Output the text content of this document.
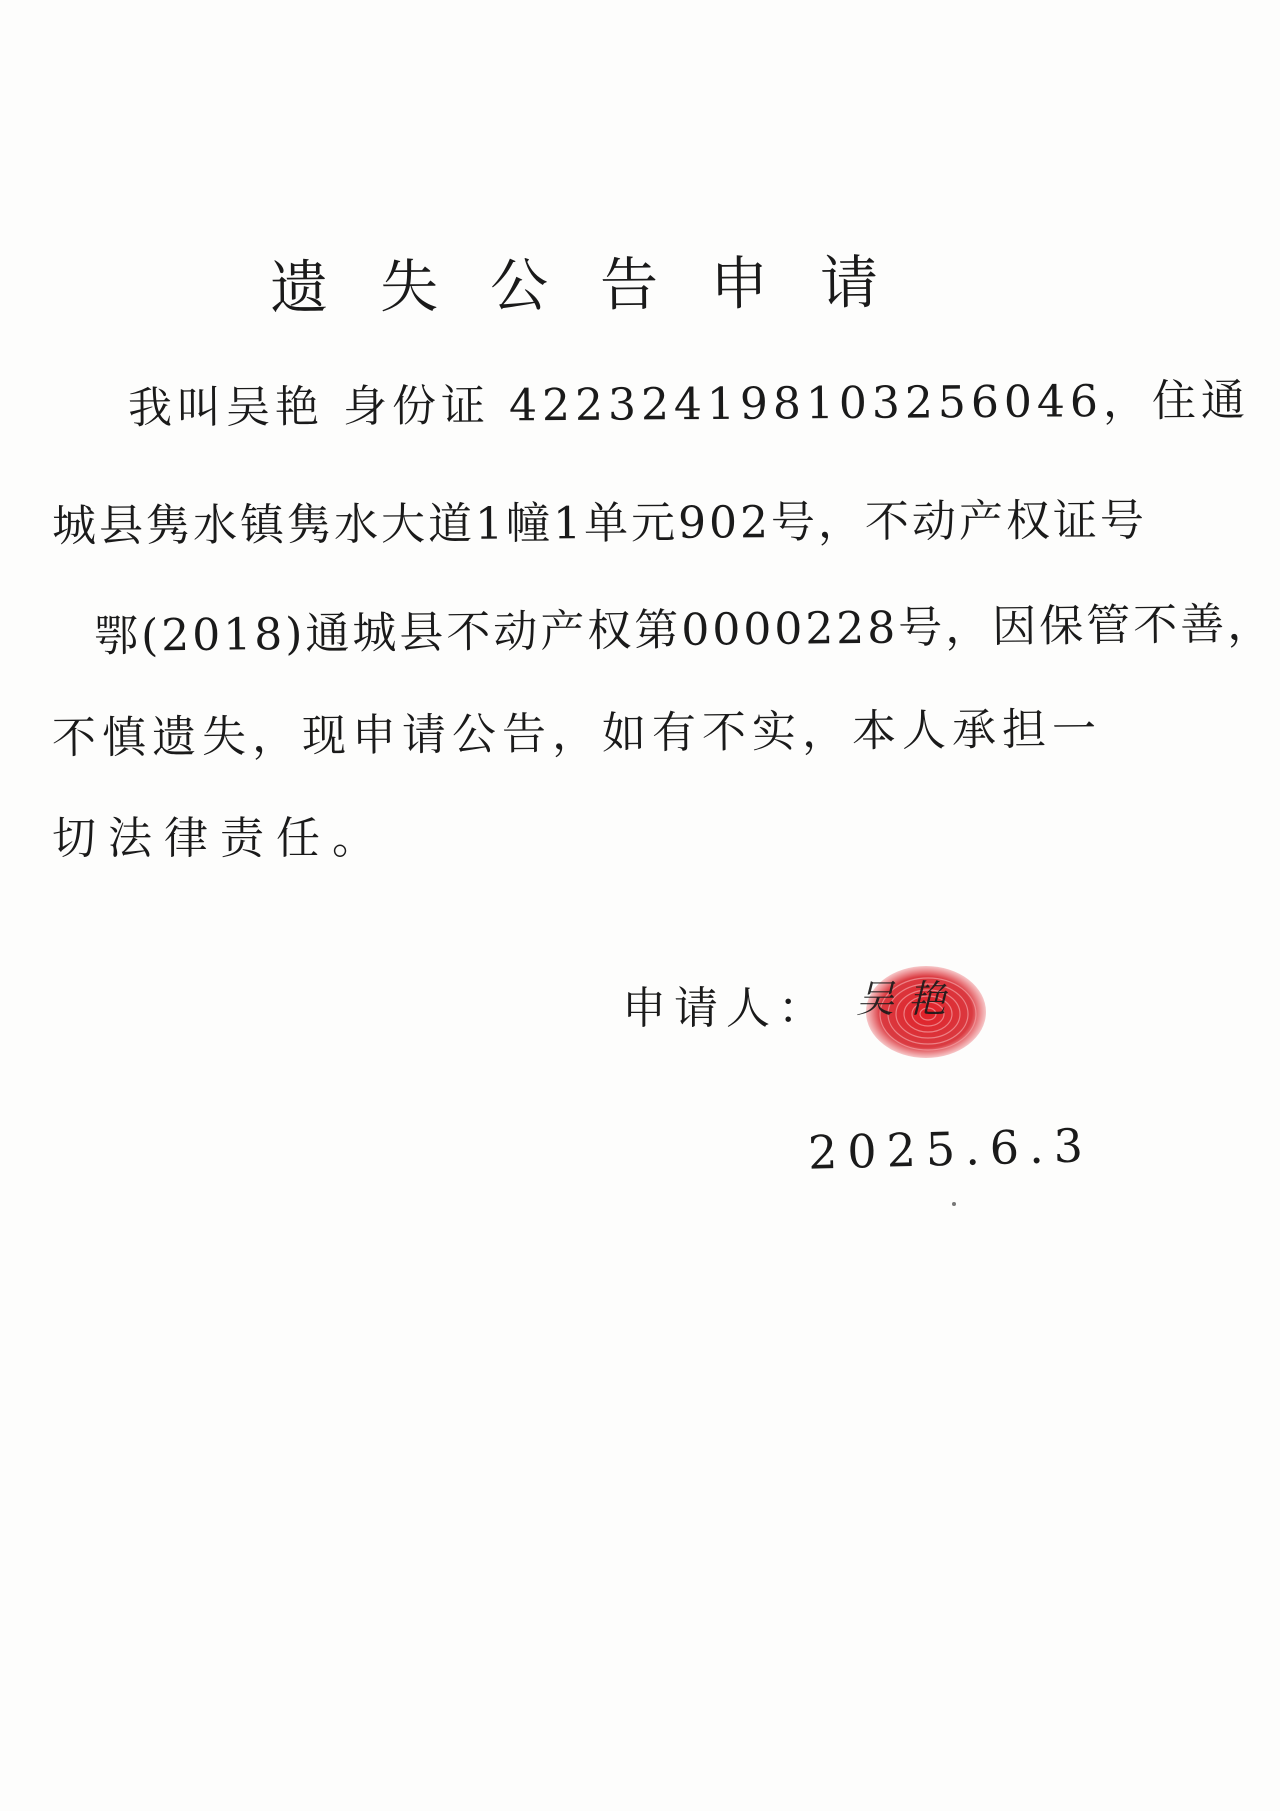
遗失公告申请
我叫吴艳 身份证 422324198103256046，住通
城县隽水镇隽水大道1幢1单元902号，不动产权证号
鄂(2018)通城县不动产权第0000228号，因保管不善，
不慎遗失，现申请公告，如有不实，本人承担一
切法律责任。
申请人： 吴艳
2025.6.3
